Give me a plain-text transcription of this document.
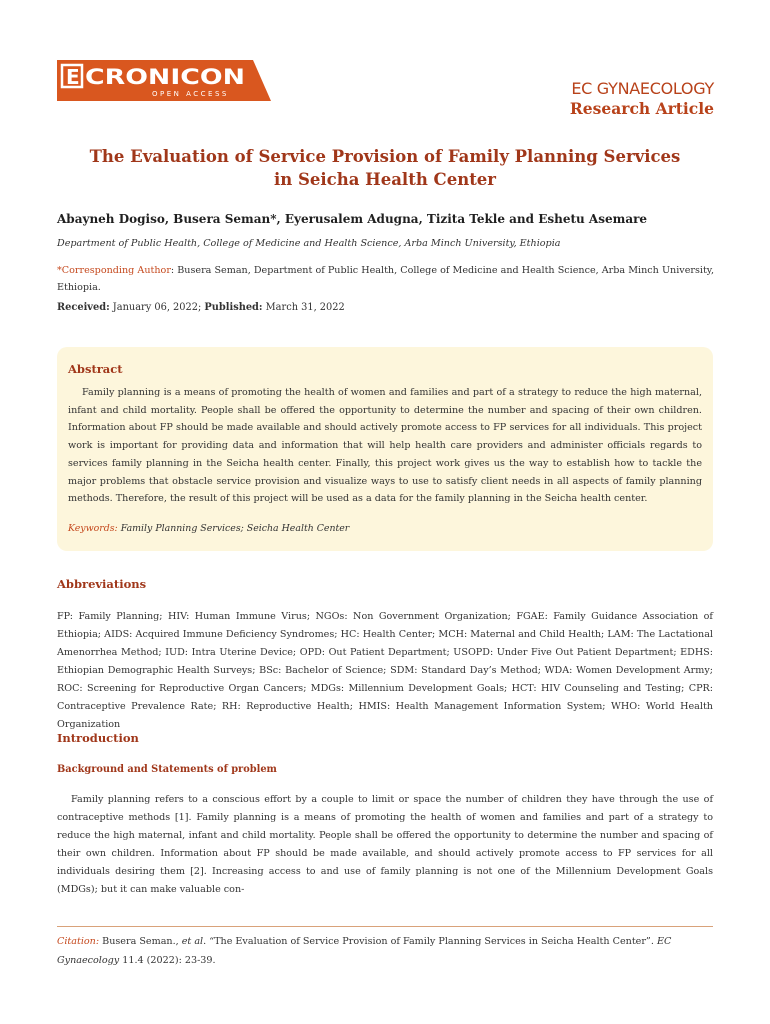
E CRONICON
OPEN ACCESS	EC GYNAECOLOGY
Research Article
The Evaluation of Service Provision of Family Planning Services in Seicha Health Center
Abayneh Dogiso, Busera Seman*, Eyerusalem Adugna, Tizita Tekle and Eshetu Asemare
Department of Public Health, College of Medicine and Health Science, Arba Minch University, Ethiopia
*Corresponding Author: Busera Seman, Department of Public Health, College of Medicine and Health Science, Arba Minch University, Ethiopia.
Received: January 06, 2022; Published: March 31, 2022
Abstract
Family planning is a means of promoting the health of women and families and part of a strategy to reduce the high maternal, infant and child mortality. People shall be offered the opportunity to determine the number and spacing of their own children. Information about FP should be made available and should actively promote access to FP services for all individuals. This project work is important for providing data and information that will help health care providers and administer officials regards to services family planning in the Seicha health center. Finally, this project work gives us the way to establish how to tackle the major problems that obstacle service provision and visualize ways to use to satisfy client needs in all aspects of family planning methods. Therefore, the result of this project will be used as a data for the family planning in the Seicha health center.
Keywords: Family Planning Services; Seicha Health Center
Abbreviations
FP: Family Planning; HIV: Human Immune Virus; NGOs: Non Government Organization; FGAE: Family Guidance Association of Ethiopia; AIDS: Acquired Immune Deficiency Syndromes; HC: Health Center; MCH: Maternal and Child Health; LAM: The Lactational Amenorrhea Method; IUD: Intra Uterine Device; OPD: Out Patient Department; USOPD: Under Five Out Patient Department; EDHS: Ethiopian Demographic Health Surveys; BSc: Bachelor of Science; SDM: Standard Day’s Method; WDA: Women Development Army; ROC: Screening for Reproductive Organ Cancers; MDGs: Millennium Development Goals; HCT: HIV Counseling and Testing; CPR: Contraceptive Prevalence Rate; RH: Reproductive Health; HMIS: Health Management Information System; WHO: World Health Organization
Introduction
Background and Statements of problem
Family planning refers to a conscious effort by a couple to limit or space the number of children they have through the use of contraceptive methods [1]. Family planning is a means of promoting the health of women and families and part of a strategy to reduce the high maternal, infant and child mortality. People shall be offered the opportunity to determine the number and spacing of their own children. Information about FP should be made available, and should actively promote access to FP services for all individuals desiring them [2]. Increasing access to and use of family planning is not one of the Millennium Development Goals (MDGs); but it can make valuable con-
Citation: Busera Seman., et al. “The Evaluation of Service Provision of Family Planning Services in Seicha Health Center”. EC Gynaecology 11.4 (2022): 23-39.
